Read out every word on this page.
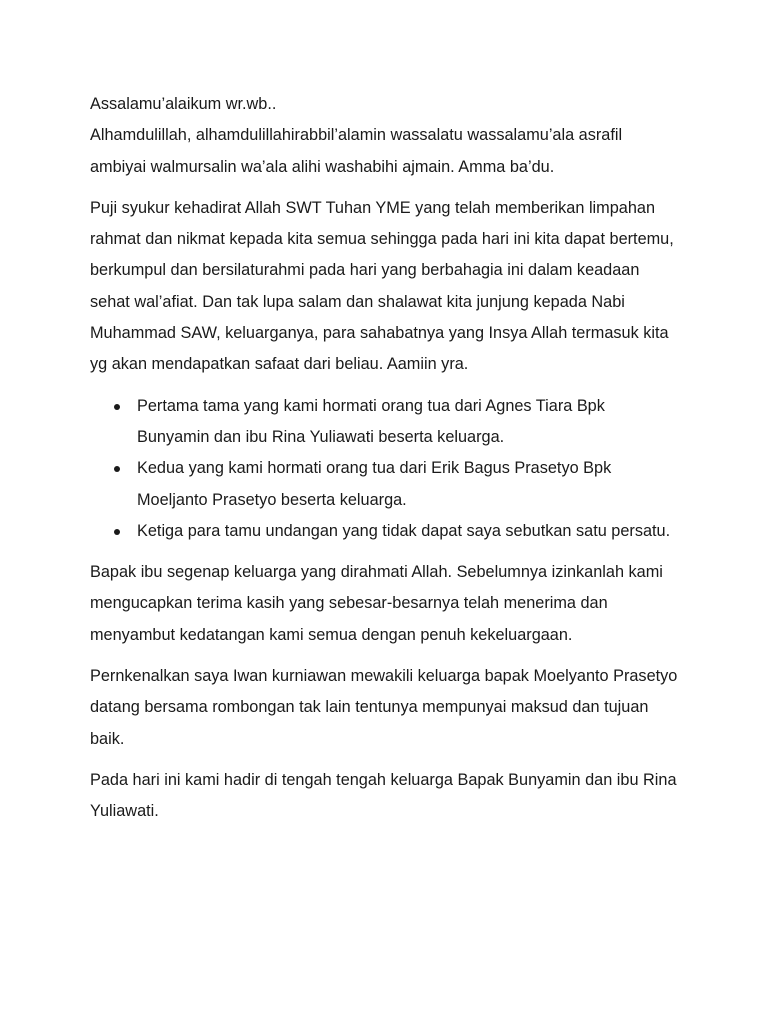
Assalamu’alaikum wr.wb..

Alhamdulillah, alhamdulillahirabbil’alamin wassalatu wassalamu’ala asrafil ambiyai walmursalin wa’ala alihi washabihi ajmain. Amma ba’du.

Puji syukur kehadirat Allah SWT Tuhan YME yang telah memberikan limpahan rahmat dan nikmat kepada kita semua sehingga pada hari ini kita dapat bertemu, berkumpul dan bersilaturahmi pada hari yang berbahagia ini dalam keadaan sehat wal’afiat. Dan tak lupa salam dan shalawat kita junjung kepada Nabi Muhammad SAW, keluarganya, para sahabatnya yang Insya Allah termasuk kita yg akan mendapatkan safaat dari beliau. Aamiin yra.

Pertama tama yang kami hormati orang tua dari Agnes Tiara Bpk Bunyamin dan ibu Rina Yuliawati beserta keluarga.
Kedua yang kami hormati orang tua dari Erik Bagus Prasetyo Bpk Moeljanto Prasetyo beserta keluarga.
Ketiga para tamu undangan yang tidak dapat saya sebutkan satu persatu.

Bapak ibu segenap keluarga yang dirahmati Allah. Sebelumnya izinkanlah kami mengucapkan terima kasih yang sebesar-besarnya telah menerima dan menyambut kedatangan kami semua dengan penuh kekeluargaan.

Pernkenalkan saya Iwan kurniawan mewakili keluarga bapak Moelyanto Prasetyo datang bersama rombongan tak lain tentunya mempunyai maksud dan tujuan baik.

Pada hari ini kami hadir di tengah tengah keluarga Bapak Bunyamin dan ibu Rina Yuliawati.
